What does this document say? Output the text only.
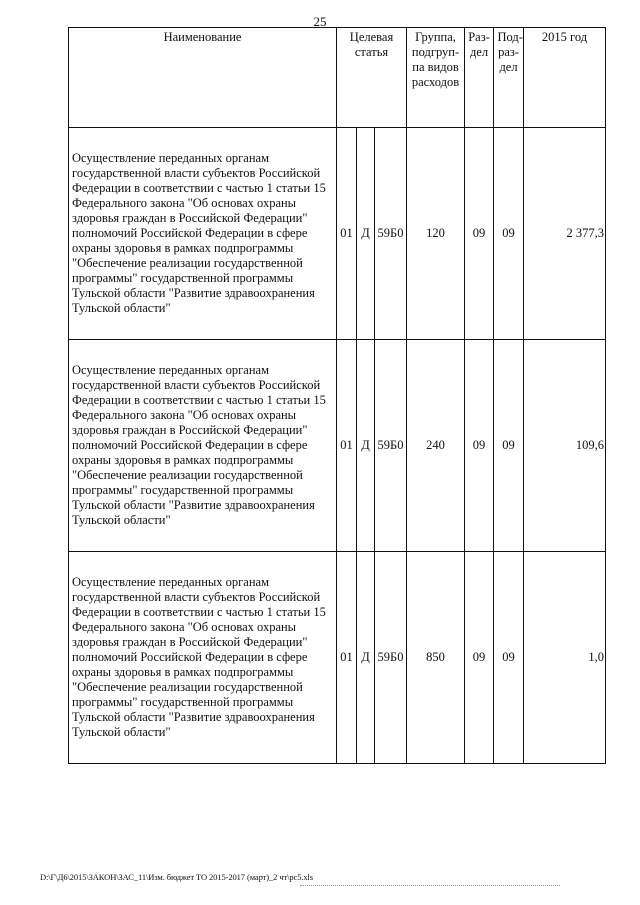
25
Наименование	Целевая статья			Группа, подгруп-па видов расходов	Раз-дел	Под-раз-дел	2015 год
Осуществление переданных органам государственной власти субъектов Российской Федерации в соответствии с частью 1 статьи 15 Федерального закона "Об основах охраны здоровья граждан в Российской Федерации" полномочий Российской Федерации в сфере охраны здоровья в рамках подпрограммы "Обеспечение реализации государственной программы" государственной программы Тульской области "Развитие здравоохранения Тульской области"	01	Д	59Б0	120	09	09	2 377,3
Осуществление переданных органам государственной власти субъектов Российской Федерации в соответствии с частью 1 статьи 15 Федерального закона "Об основах охраны здоровья граждан в Российской Федерации" полномочий Российской Федерации в сфере охраны здоровья в рамках подпрограммы "Обеспечение реализации государственной программы" государственной программы Тульской области "Развитие здравоохранения Тульской области"	01	Д	59Б0	240	09	09	109,6
Осуществление переданных органам государственной власти субъектов Российской Федерации в соответствии с частью 1 статьи 15 Федерального закона "Об основах охраны здоровья граждан в Российской Федерации" полномочий Российской Федерации в сфере охраны здоровья в рамках подпрограммы "Обеспечение реализации государственной программы" государственной программы Тульской области "Развитие здравоохранения Тульской области"	01	Д	59Б0	850	09	09	1,0
D:\Г\Д6\2015\ЗАКОН\ЗАС_11\Изм. бюджет ТО 2015-2017 (март)_2 чт\рс5.xls
